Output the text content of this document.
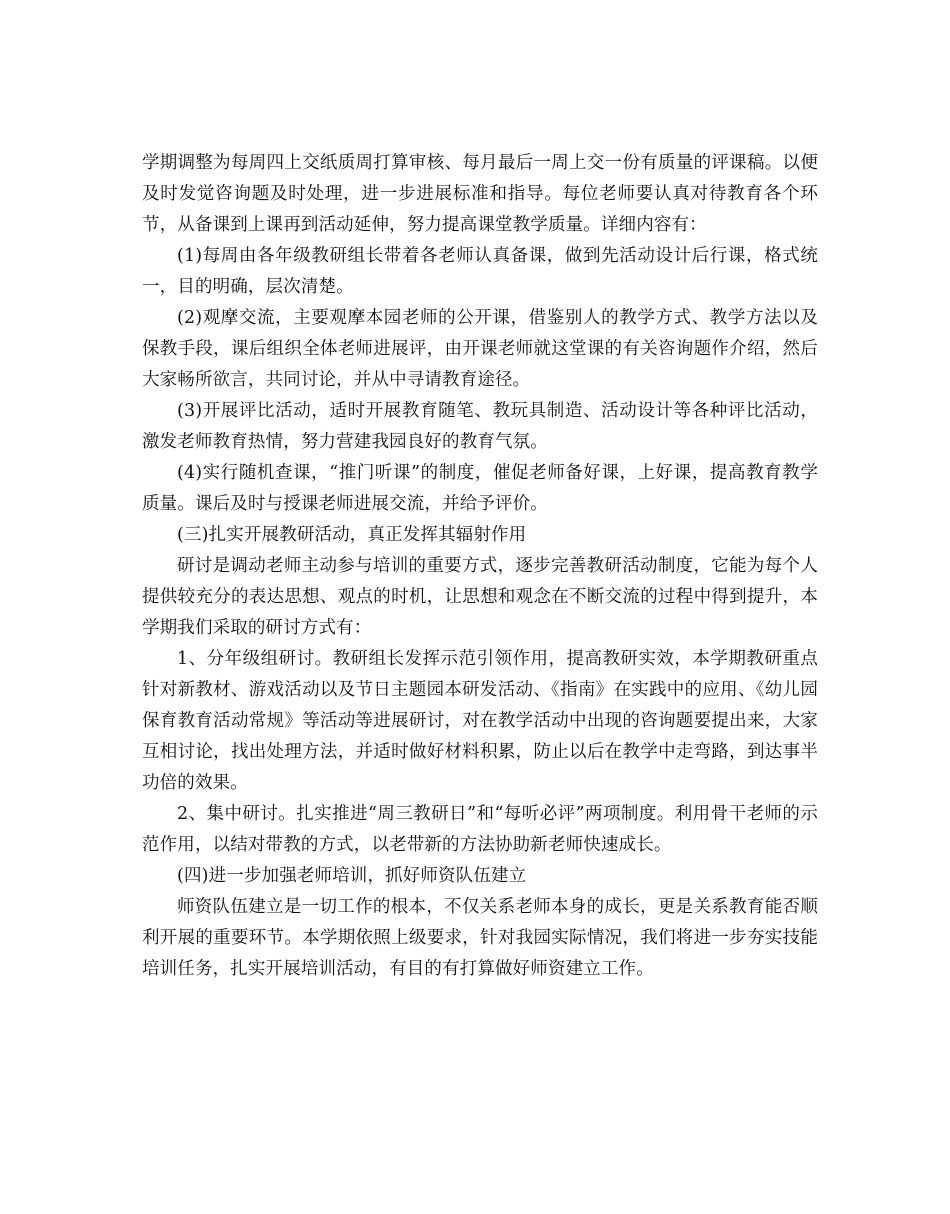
学期调整为每周四上交纸质周打算审核、每月最后一周上交一份有质量的评课稿。以便及时发觉咨询题及时处理，进一步进展标准和指导。每位老师要认真对待教育各个环节，从备课到上课再到活动延伸，努力提高课堂教学质量。详细内容有：

(1)每周由各年级教研组长带着各老师认真备课，做到先活动设计后行课，格式统一，目的明确，层次清楚。

(2)观摩交流，主要观摩本园老师的公开课，借鉴别人的教学方式、教学方法以及保教手段，课后组织全体老师进展评，由开课老师就这堂课的有关咨询题作介绍，然后大家畅所欲言，共同讨论，并从中寻请教育途径。

(3)开展评比活动，适时开展教育随笔、教玩具制造、活动设计等各种评比活动，激发老师教育热情，努力营建我园良好的教育气氛。

(4)实行随机查课，“推门听课”的制度，催促老师备好课，上好课，提高教育教学质量。课后及时与授课老师进展交流，并给予评价。

(三)扎实开展教研活动，真正发挥其辐射作用

研讨是调动老师主动参与培训的重要方式，逐步完善教研活动制度，它能为每个人提供较充分的表达思想、观点的时机，让思想和观念在不断交流的过程中得到提升，本学期我们采取的研讨方式有：

1、分年级组研讨。教研组长发挥示范引领作用，提高教研实效，本学期教研重点针对新教材、游戏活动以及节日主题园本研发活动、《指南》在实践中的应用、《幼儿园保育教育活动常规》等活动等进展研讨，对在教学活动中出现的咨询题要提出来，大家互相讨论，找出处理方法，并适时做好材料积累，防止以后在教学中走弯路，到达事半功倍的效果。

2、集中研讨。扎实推进“周三教研日”和“每听必评”两项制度。利用骨干老师的示范作用，以结对带教的方式，以老带新的方法协助新老师快速成长。

(四)进一步加强老师培训，抓好师资队伍建立

师资队伍建立是一切工作的根本，不仅关系老师本身的成长，更是关系教育能否顺利开展的重要环节。本学期依照上级要求，针对我园实际情况，我们将进一步夯实技能培训任务，扎实开展培训活动，有目的有打算做好师资建立工作。
